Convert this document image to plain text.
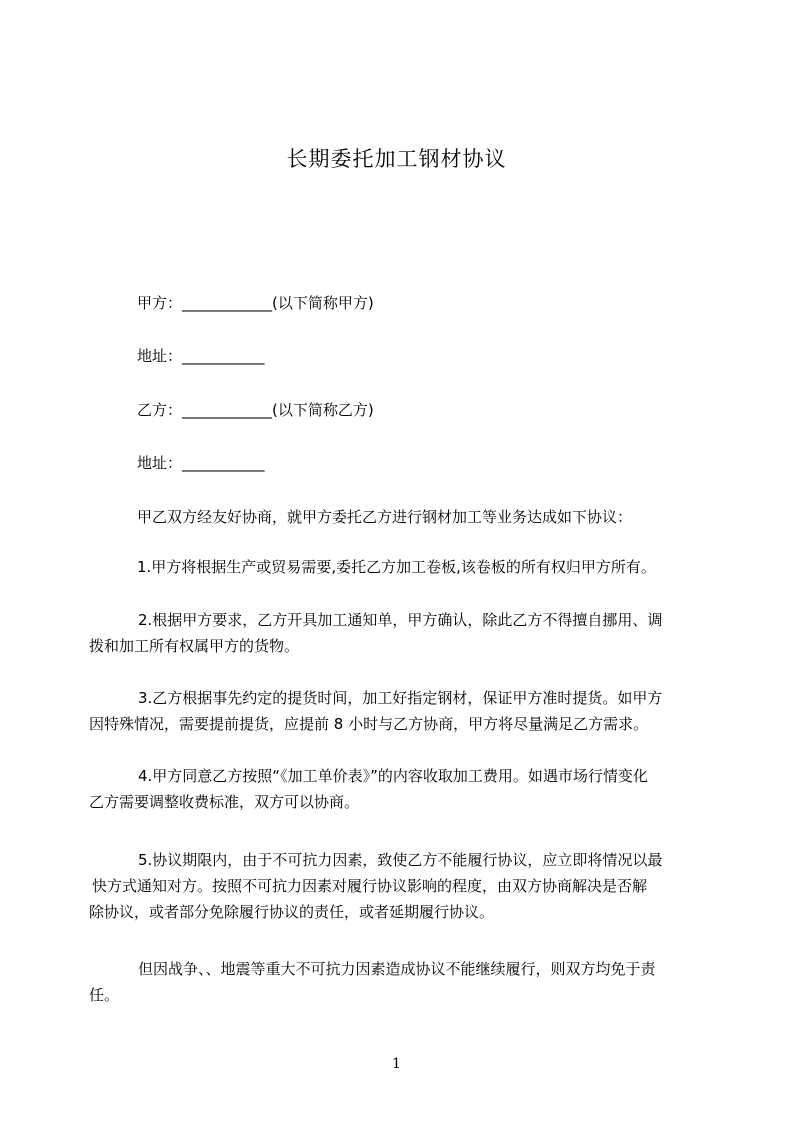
长期委托加工钢材协议
甲方：____________(以下简称甲方)
地址：___________
乙方：____________(以下简称乙方)
地址：___________
甲乙双方经友好协商，就甲方委托乙方进行钢材加工等业务达成如下协议：
1.甲方将根据生产或贸易需要,委托乙方加工卷板,该卷板的所有权归甲方所有。
2.根据甲方要求，乙方开具加工通知单，甲方确认，除此乙方不得擅自挪用、调
拨和加工所有权属甲方的货物。
3.乙方根据事先约定的提货时间，加工好指定钢材，保证甲方准时提货。如甲方
因特殊情况，需要提前提货，应提前 8 小时与乙方协商，甲方将尽量满足乙方需求。
4.甲方同意乙方按照“《加工单价表》”的内容收取加工费用。如遇市场行情变化
乙方需要调整收费标准，双方可以协商。
5.协议期限内，由于不可抗力因素，致使乙方不能履行协议，应立即将情况以最
快方式通知对方。按照不可抗力因素对履行协议影响的程度，由双方协商解决是否解
除协议，或者部分免除履行协议的责任，或者延期履行协议。
但因战争、、地震等重大不可抗力因素造成协议不能继续履行，则双方均免于责
任。
1
